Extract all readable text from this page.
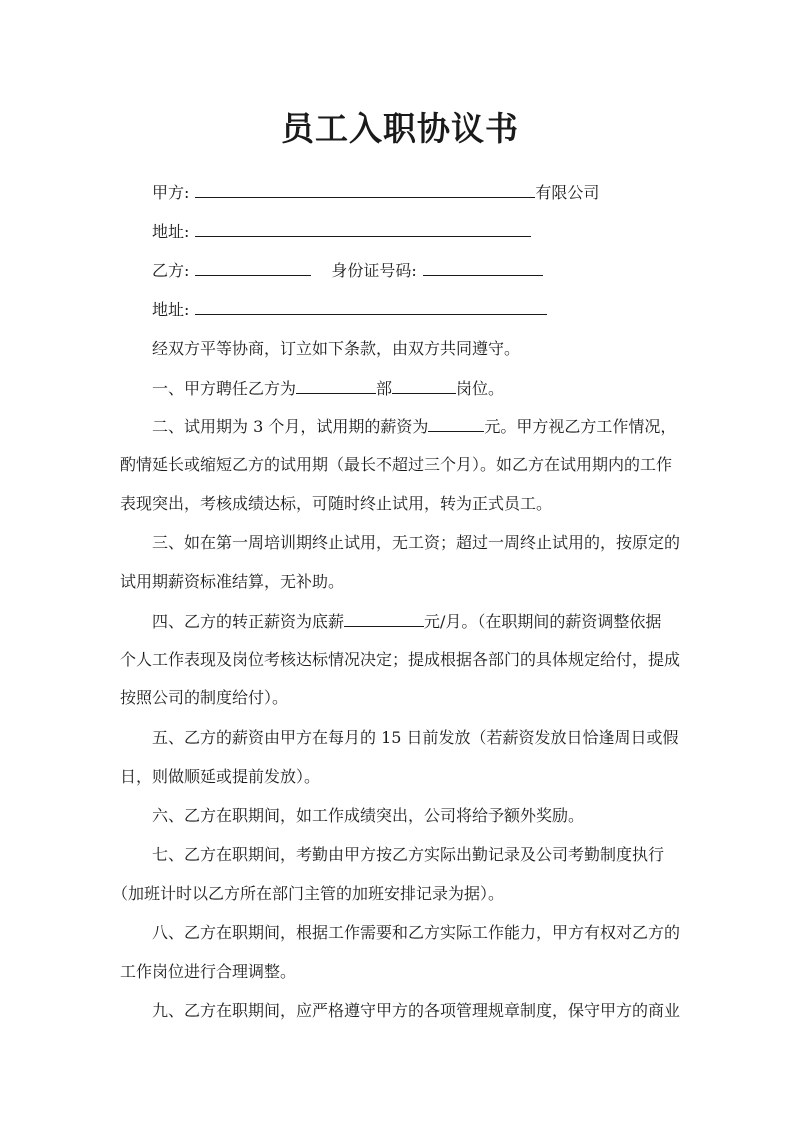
员工入职协议书
甲方:	有限公司
地址:
乙方:	身份证号码:
地址:
经双方平等协商，订立如下条款，由双方共同遵守。
一、甲方聘任乙方为	部	岗位。
二、试用期为 3 个月，试用期的薪资为	元。甲方视乙方工作情况，
酌情延长或缩短乙方的试用期（最长不超过三个月）。如乙方在试用期内的工作
表现突出，考核成绩达标，可随时终止试用，转为正式员工。
三、如在第一周培训期终止试用，无工资；超过一周终止试用的，按原定的
试用期薪资标准结算，无补助。
四、乙方的转正薪资为底薪	元/月。（在职期间的薪资调整依据
个人工作表现及岗位考核达标情况决定；提成根据各部门的具体规定给付，提成
按照公司的制度给付）。
五、乙方的薪资由甲方在每月的 15 日前发放（若薪资发放日恰逢周日或假
日，则做顺延或提前发放）。
六、乙方在职期间，如工作成绩突出，公司将给予额外奖励。
七、乙方在职期间，考勤由甲方按乙方实际出勤记录及公司考勤制度执行
（加班计时以乙方所在部门主管的加班安排记录为据）。
八、乙方在职期间，根据工作需要和乙方实际工作能力，甲方有权对乙方的
工作岗位进行合理调整。
九、乙方在职期间，应严格遵守甲方的各项管理规章制度，保守甲方的商业
